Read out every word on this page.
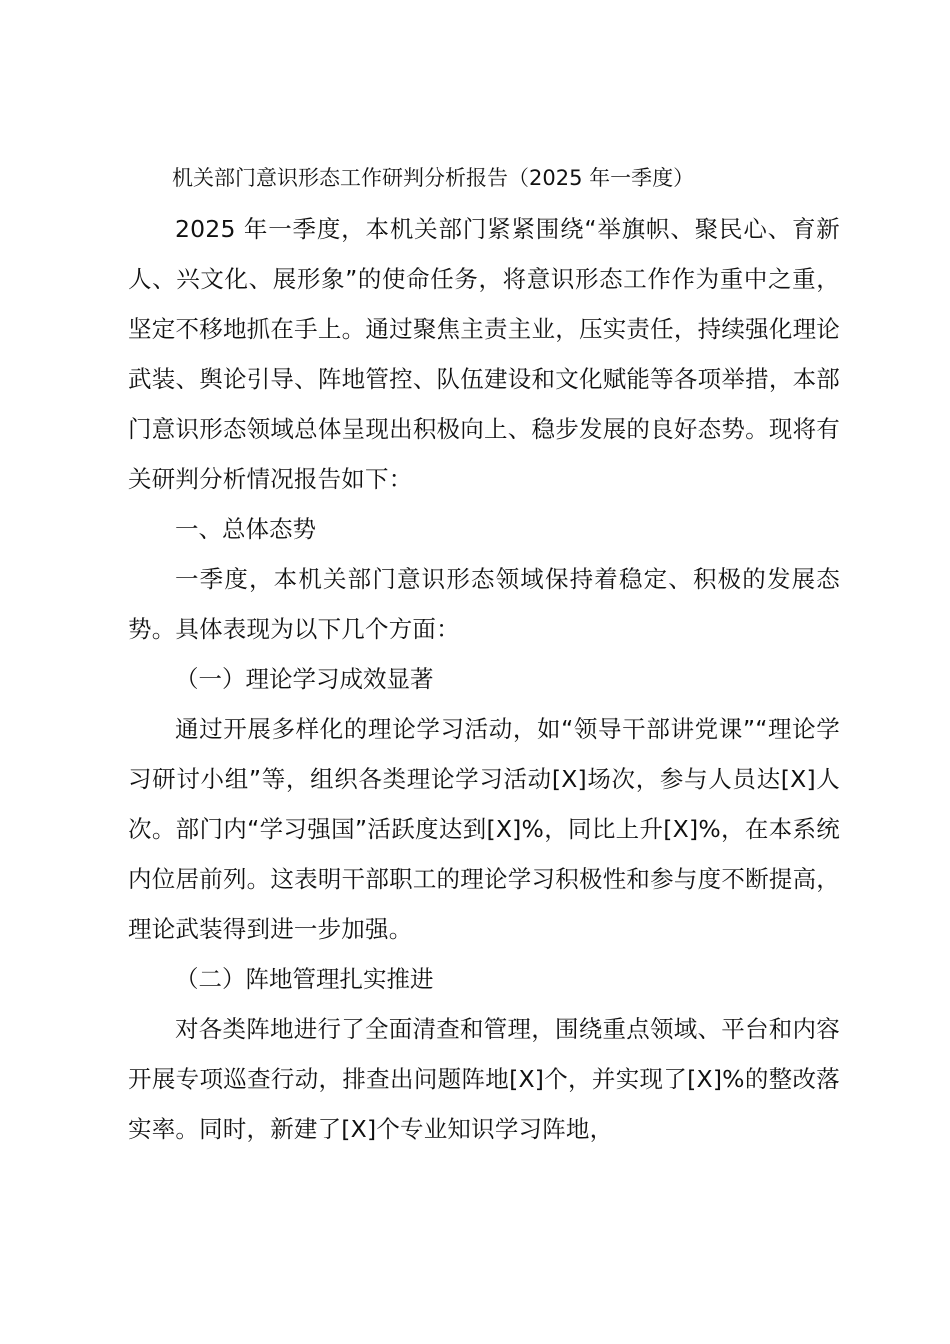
机关部门意识形态工作研判分析报告（2025 年一季度）

2025 年一季度，本机关部门紧紧围绕“举旗帜、聚民心、育新人、兴文化、展形象”的使命任务，将意识形态工作作为重中之重，坚定不移地抓在手上。通过聚焦主责主业，压实责任，持续强化理论武装、舆论引导、阵地管控、队伍建设和文化赋能等各项举措，本部门意识形态领域总体呈现出积极向上、稳步发展的良好态势。现将有关研判分析情况报告如下：

一、总体态势

一季度，本机关部门意识形态领域保持着稳定、积极的发展态势。具体表现为以下几个方面：

（一）理论学习成效显著

通过开展多样化的理论学习活动，如“领导干部讲党课”“理论学习研讨小组”等，组织各类理论学习活动[X]场次，参与人员达[X]人次。部门内“学习强国”活跃度达到[X]%，同比上升[X]%，在本系统内位居前列。这表明干部职工的理论学习积极性和参与度不断提高，理论武装得到进一步加强。

（二）阵地管理扎实推进

对各类阵地进行了全面清查和管理，围绕重点领域、平台和内容开展专项巡查行动，排查出问题阵地[X]个，并实现了[X]%的整改落实率。同时，新建了[X]个专业知识学习阵地，
